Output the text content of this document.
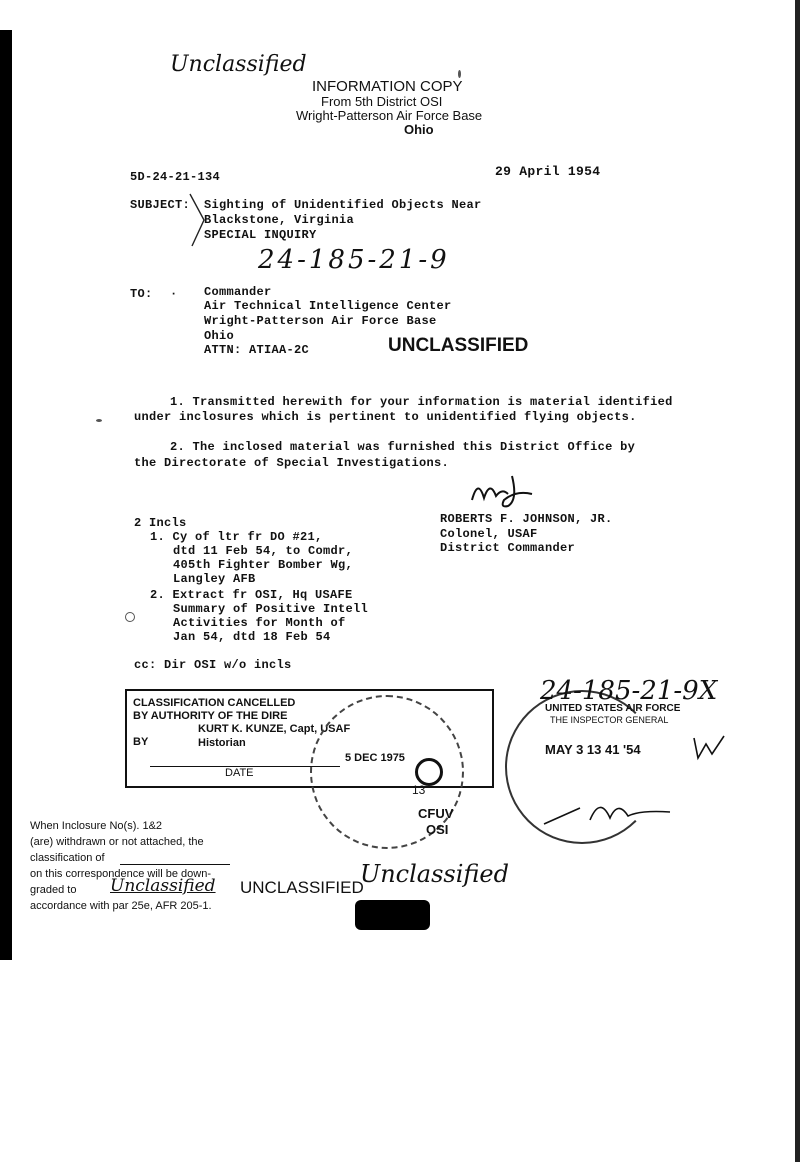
Unclassified
INFORMATION COPY
From 5th District OSI
Wright-Patterson Air Force Base
Ohio
5D-24-21-134	29 April 1954
SUBJECT: Sighting of Unidentified Objects Near
Blackstone, Virginia
SPECIAL INQUIRY
24-185-21-9
TO: · Commander
Air Technical Intelligence Center
Wright-Patterson Air Force Base
Ohio
ATTN: ATIAA-2C	UNCLASSIFIED
1. Transmitted herewith for your information is material identified
under inclosures which is pertinent to unidentified flying objects.
2. The inclosed material was furnished this District Office by
the Directorate of Special Investigations.
ROBERTS F. JOHNSON, JR.
Colonel, USAF
District Commander
2 Incls
1. Cy of ltr fr DO #21,
dtd 11 Feb 54, to Comdr,
405th Fighter Bomber Wg,
Langley AFB
2. Extract fr OSI, Hq USAFE
Summary of Positive Intell
Activities for Month of
Jan 54, dtd 18 Feb 54
cc: Dir OSI w/o incls
CLASSIFICATION CANCELLED
BY AUTHORITY OF THE DIRE
KURT K. KUNZE, Capt, USAF
BY	Historian
DATE
5 DEC 1975
13
CFUV
OSI
24-185-21-9X
UNITED STATES AIR FORCE
THE INSPECTOR GENERAL
MAY 3 13 41 '54
When Inclosure No(s). 1&2
(are) withdrawn or not attached, the
classification of
on this correspondence will be down-
graded to Unclassified
accordance with par 25e, AFR 205-1.
UNCLASSIFIED
Unclassified
